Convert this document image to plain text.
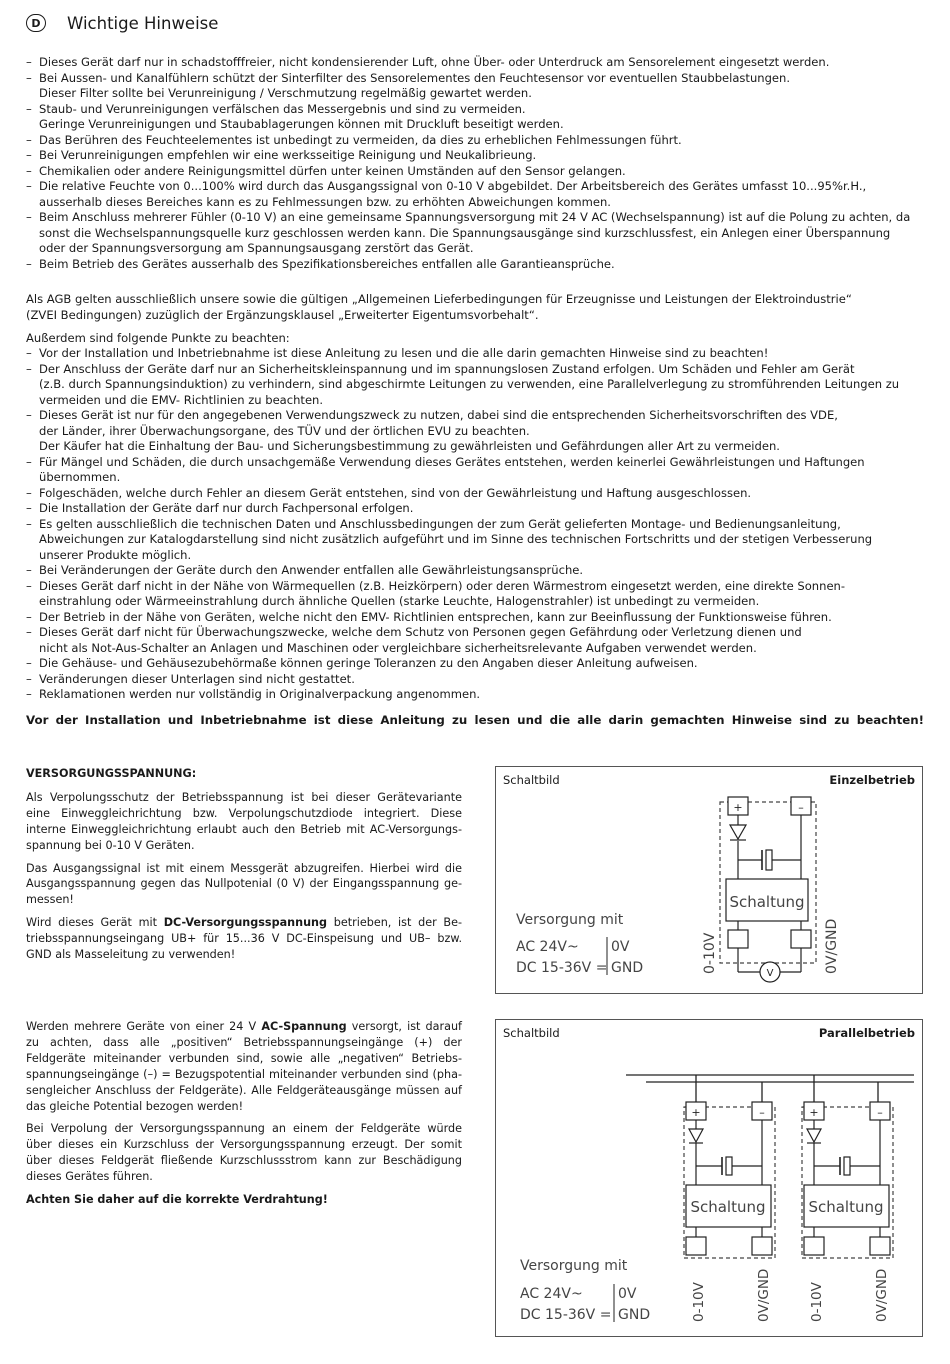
D	Wichtige Hinweise
– Dieses Gerät darf nur in schadstofffreier, nicht kondensierender Luft, ohne Über- oder Unterdruck am Sensorelement eingesetzt werden.
– Bei Aussen- und Kanalfühlern schützt der Sinterfilter des Sensorelementes den Feuchtesensor vor eventuellen Staubbelastungen.
Dieser Filter sollte bei Verunreinigung / Verschmutzung regelmäßig gewartet werden.
– Staub- und Verunreinigungen verfälschen das Messergebnis und sind zu vermeiden.
Geringe Verunreinigungen und Staubablagerungen können mit Druckluft beseitigt werden.
– Das Berühren des Feuchteelementes ist unbedingt zu vermeiden, da dies zu erheblichen Fehlmessungen führt.
– Bei Verunreinigungen empfehlen wir eine werksseitige Reinigung und Neukalibrieung.
– Chemikalien oder andere Reinigungsmittel dürfen unter keinen Umständen auf den Sensor gelangen.
– Die relative Feuchte von 0...100% wird durch das Ausgangssignal von 0-10 V abgebildet. Der Arbeitsbereich des Gerätes umfasst 10...95%r.H.,
ausserhalb dieses Bereiches kann es zu Fehlmessungen bzw. zu erhöhten Abweichungen kommen.
– Beim Anschluss mehrerer Fühler (0-10 V) an eine gemeinsame Spannungsversorgung mit 24 V AC (Wechselspannung) ist auf die Polung zu achten, da
sonst die Wechselspannungsquelle kurz geschlossen werden kann. Die Spannungsausgänge sind kurzschlussfest, ein Anlegen einer Überspannung
oder der Spannungsversorgung am Spannungsausgang zerstört das Gerät.
– Beim Betrieb des Gerätes ausserhalb des Spezifikationsbereiches entfallen alle Garantieansprüche.

Als AGB gelten ausschließlich unsere sowie die gültigen „Allgemeinen Lieferbedingungen für Erzeugnisse und Leistungen der Elektroindustrie“
(ZVEI Bedingungen) zuzüglich der Ergänzungsklausel „Erweiterter Eigentumsvorbehalt“.

Außerdem sind folgende Punkte zu beachten:

– Vor der Installation und Inbetriebnahme ist diese Anleitung zu lesen und die alle darin gemachten Hinweise sind zu beachten!
– Der Anschluss der Geräte darf nur an Sicherheitskleinspannung und im spannungslosen Zustand erfolgen. Um Schäden und Fehler am Gerät
(z.B. durch Spannungsinduktion) zu verhindern, sind abgeschirmte Leitungen zu verwenden, eine Parallelverlegung zu stromführenden Leitungen zu
vermeiden und die EMV- Richtlinien zu beachten.
– Dieses Gerät ist nur für den angegebenen Verwendungszweck zu nutzen, dabei sind die entsprechenden Sicherheitsvorschriften des VDE,
der Länder, ihrer Überwachungsorgane, des TÜV und der örtlichen EVU zu beachten.
Der Käufer hat die Einhaltung der Bau- und Sicherungsbestimmung zu gewährleisten und Gefährdungen aller Art zu vermeiden.
– Für Mängel und Schäden, die durch unsachgemäße Verwendung dieses Gerätes entstehen, werden keinerlei Gewährleistungen und Haftungen
übernommen.
– Folgeschäden, welche durch Fehler an diesem Gerät entstehen, sind von der Gewährleistung und Haftung ausgeschlossen.
– Die Installation der Geräte darf nur durch Fachpersonal erfolgen.
– Es gelten ausschließlich die technischen Daten und Anschlussbedingungen der zum Gerät gelieferten Montage- und Bedienungsanleitung,
Abweichungen zur Katalogdarstellung sind nicht zusätzlich aufgeführt und im Sinne des technischen Fortschritts und der stetigen Verbesserung
unserer Produkte möglich.
– Bei Veränderungen der Geräte durch den Anwender entfallen alle Gewährleistungsansprüche.
– Dieses Gerät darf nicht in der Nähe von Wärmequellen (z.B. Heizkörpern) oder deren Wärmestrom eingesetzt werden, eine direkte Sonnen-
einstrahlung oder Wärmeeinstrahlung durch ähnliche Quellen (starke Leuchte, Halogenstrahler) ist unbedingt zu vermeiden.
– Der Betrieb in der Nähe von Geräten, welche nicht den EMV- Richtlinien entsprechen, kann zur Beeinflussung der Funktionsweise führen.
– Dieses Gerät darf nicht für Überwachungszwecke, welche dem Schutz von Personen gegen Gefährdung oder Verletzung dienen und
nicht als Not-Aus-Schalter an Anlagen und Maschinen oder vergleichbare sicherheitsrelevante Aufgaben verwendet werden.
– Die Gehäuse- und Gehäusezubehörmaße können geringe Toleranzen zu den Angaben dieser Anleitung aufweisen.
– Veränderungen dieser Unterlagen sind nicht gestattet.
– Reklamationen werden nur vollständig in Originalverpackung angenommen.
Vor der Installation und Inbetriebnahme ist diese Anleitung zu lesen und die alle darin gemachten Hinweise sind zu beachten!
VERSORGUNGSSPANNUNG:

Als Verpolungsschutz der Betriebsspannung ist bei dieser Gerätevariante eine Einweggleichrichtung bzw. Verpolungschutzdiode integriert. Diese interne Einweggleichrichtung erlaubt auch den Betrieb mit AC-Versorgungs-spannung bei 0-10 V Geräten.

Das Ausgangssignal ist mit einem Messgerät abzugreifen. Hierbei wird die Ausgangsspannung gegen das Nullpotenial (0 V) der Eingangsspannung ge-messen!

Wird dieses Gerät mit DC-Versorgungsspannung betrieben, ist der Be-triebsspannungseingang UB+ für 15...36 V DC-Einspeisung und UB– bzw. GND als Masseleitung zu verwenden!

Werden mehrere Geräte von einer 24 V AC-Spannung versorgt, ist darauf zu achten, dass alle „positiven“ Betriebsspannungseingänge (+) der Feldgeräte miteinander verbunden sind, sowie alle „negativen“ Betriebs-spannungseingänge (–) = Bezugspotential miteinander verbunden sind (pha-sengleicher Anschluss der Feldgeräte). Alle Feldgeräteausgänge müssen auf das gleiche Potential bezogen werden!

Bei Verpolung der Versorgungsspannung an einem der Feldgeräte würde über dieses ein Kurzschluss der Versorgungsspannung erzeugt. Der somit über dieses Feldgerät fließende Kurzschlussstrom kann zur Beschädigung dieses Gerätes führen.

Achten Sie daher auf die korrekte Verdrahtung!

Schaltbild	Einzelbetrieb
+	–
Schaltung
V
Versorgung mit
AC 24V~
DC 15-36V =
0V
GND	0-10V	0V/GND
Schaltbild	Parallelbetrieb
+	–	+	–
Schaltung	Schaltung
Versorgung mit
AC 24V~
DC 15-36V =
0V
GND	0-10V	0V/GND	0-10V	0V/GND
